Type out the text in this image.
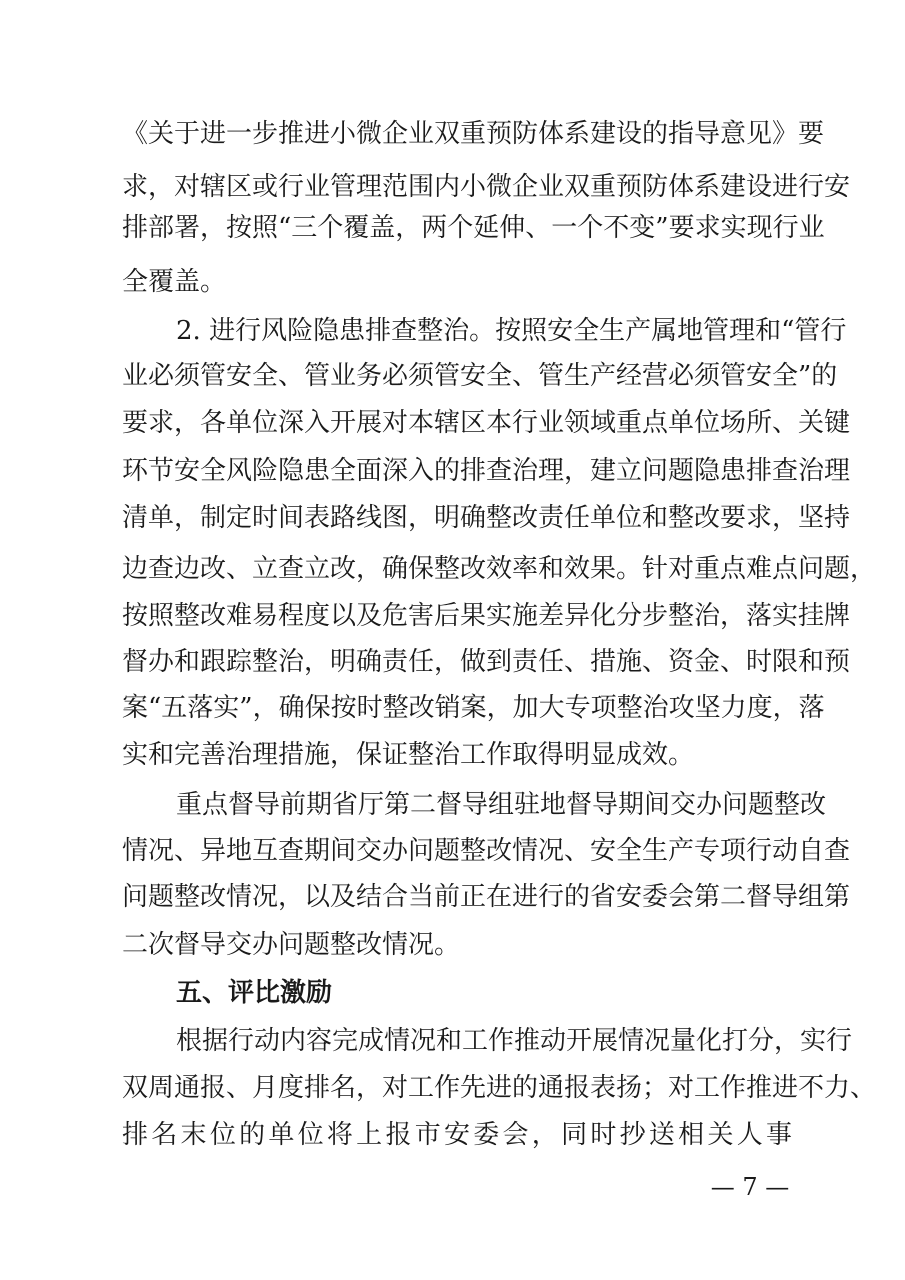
《关于进一步推进小微企业双重预防体系建设的指导意见》要
求，对辖区或行业管理范围内小微企业双重预防体系建设进行安
排部署，按照“三个覆盖，两个延伸、一个不变”要求实现行业
全覆盖。
2. 进行风险隐患排查整治。按照安全生产属地管理和“管行
业必须管安全、管业务必须管安全、管生产经营必须管安全”的
要求，各单位深入开展对本辖区本行业领域重点单位场所、关键
环节安全风险隐患全面深入的排查治理，建立问题隐患排查治理
清单，制定时间表路线图，明确整改责任单位和整改要求，坚持
边查边改、立查立改，确保整改效率和效果。针对重点难点问题，
按照整改难易程度以及危害后果实施差异化分步整治，落实挂牌
督办和跟踪整治，明确责任，做到责任、措施、资金、时限和预
案“五落实”，确保按时整改销案，加大专项整治攻坚力度，落
实和完善治理措施，保证整治工作取得明显成效。
重点督导前期省厅第二督导组驻地督导期间交办问题整改
情况、异地互查期间交办问题整改情况、安全生产专项行动自查
问题整改情况，以及结合当前正在进行的省安委会第二督导组第
二次督导交办问题整改情况。
五、评比激励
根据行动内容完成情况和工作推动开展情况量化打分，实行
双周通报、月度排名，对工作先进的通报表扬；对工作推进不力、
排名末位的单位将上报市安委会，同时抄送相关人事
— 7 —
